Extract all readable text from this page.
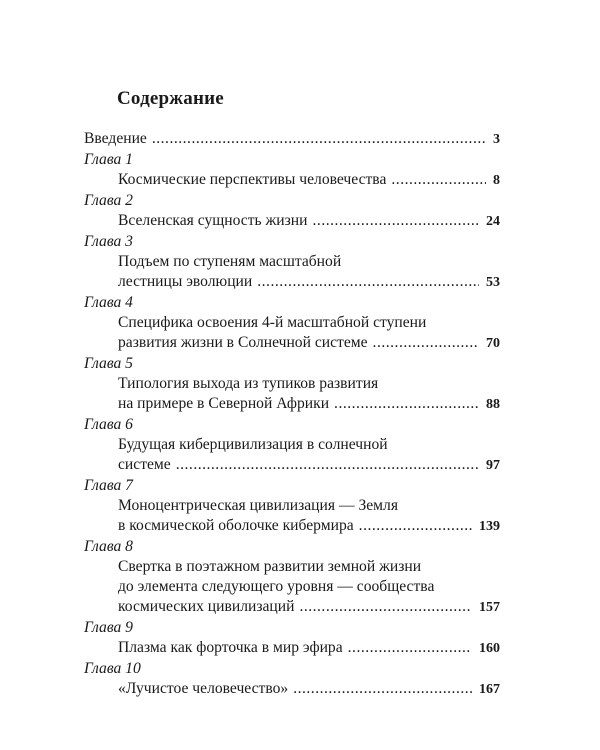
Содержание
Введение .....	3
Глава 1
Космические перспективы человечества .....	8
Глава 2
Вселенская сущность жизни .....	24
Глава 3
Подъем по ступеням масштабной
лестницы эволюции .....	53
Глава 4
Специфика освоения 4-й масштабной ступени
развития жизни в Солнечной системе .....	70
Глава 5
Типология выхода из тупиков развития
на примере в Северной Африки .....	88
Глава 6
Будущая киберцивилизация в солнечной
системе .....	97
Глава 7
Моноцентрическая цивилизация — Земля
в космической оболочке кибермира .....	139
Глава 8
Свертка в поэтажном развитии земной жизни
до элемента следующего уровня — сообщества
космических цивилизаций .....	157
Глава 9
Плазма как форточка в мир эфира .....	160
Глава 10
«Лучистое человечество» .....	167
